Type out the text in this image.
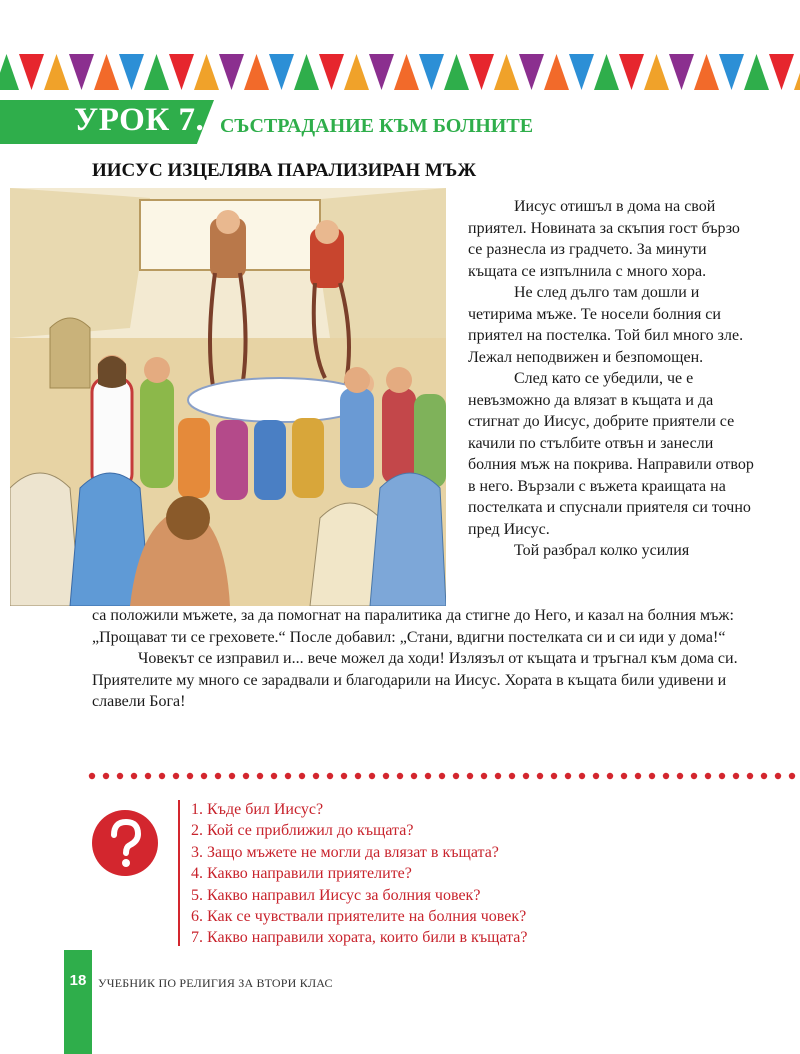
УРОК 7. СЪСТРАДАНИЕ КЪМ БОЛНИТЕ
ИИСУС ИЗЦЕЛЯВА ПАРАЛИЗИРАН МЪЖ

Иисус отишъл в дома на свой приятел. Новината за скъпия гост бързо се разнесла из градчето. За минути къщата се изпълнила с много хора.

Не след дълго там дошли и четирима мъже. Те носели болния си приятел на постелка. Той бил много зле. Лежал неподвижен и безпомощен.

След като се убедили, че е невъзможно да влязат в къщата и да стигнат до Иисус, добрите приятели се качили по стълбите отвън и занесли болния мъж на покрива. Направили отвор в него. Вързали с въжета краищата на постелката и спуснали приятеля си точно пред Иисус.

Той разбрал колко усилия

са положили мъжете, за да помогнат на паралитика да стигне до Него, и казал на болния мъж: „Прощават ти се греховете.“ После добавил: „Стани, вдигни постелката си и си иди у дома!“

Човекът се изправил и... вече можел да ходи! Излязъл от къщата и тръгнал към дома си. Приятелите му много се зарадвали и благодарили на Иисус. Хората в къщата били удивени и славели Бога!

1. Къде бил Иисус?
2. Кой се приближил до къщата?
3. Защо мъжете не могли да влязат в къщата?
4. Какво направили приятелите?
5. Какво направил Иисус за болния човек?
6. Как се чувствали приятелите на болния човек?
7. Какво направили хората, които били в къщата?
18 УЧЕБНИК ПО РЕЛИГИЯ ЗА ВТОРИ КЛАС
